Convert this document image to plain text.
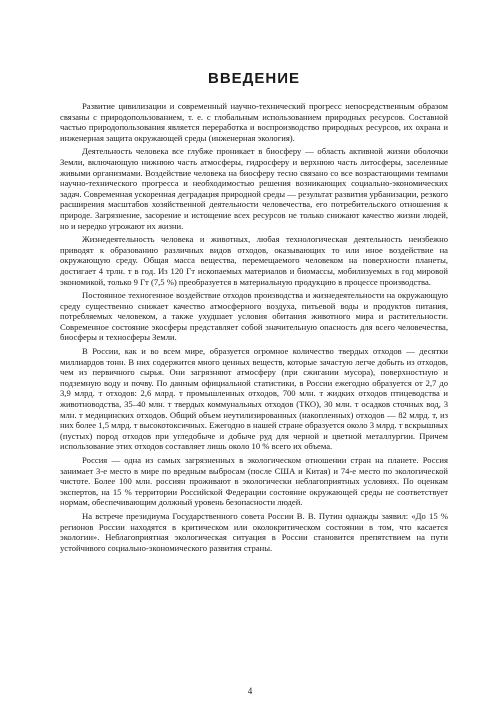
ВВЕДЕНИЕ

Развитие цивилизации и современный научно-технический прогресс непосредственным образом связаны с природопользованием, т. е. с глобальным использованием природных ресурсов. Составной частью природопользования является переработка и воспроизводство природных ресурсов, их охрана и инженерная защита окружающей среды (инженерная экология).

Деятельность человека все глубже проникает в биосферу — область активной жизни оболочки Земли, включающую нижнюю часть атмосферы, гидросферу и верхнюю часть литосферы, заселенные живыми организмами. Воздействие человека на биосферу тесно связано со все возрастающими темпами научно-технического прогресса и необходимостью решения возникающих социально-экономических задач. Современная ускоренная деградация природной среды — результат развития урбанизации, резкого расширения масштабов хозяйственной деятельности человечества, его потребительского отношения к природе. Загрязнение, засорение и истощение всех ресурсов не только снижают качество жизни людей, но и нередко угрожают их жизни.

Жизнедеятельность человека и животных, любая технологическая деятельность неизбежно приводят к образованию различных видов отходов, оказывающих то или иное воздействие на окружающую среду. Общая масса вещества, перемещаемого человеком на поверхности планеты, достигает 4 трлн. т в год. Из 120 Гт ископаемых материалов и биомассы, мобилизуемых в год мировой экономикой, только 9 Гт (7,5 %) преобразуется в материальную продукцию в процессе производства.

Постоянное техногенное воздействие отходов производства и жизнедеятельности на окружающую среду существенно снижает качество атмосферного воздуха, питьевой воды и продуктов питания, потребляемых человеком, а также ухудшает условия обитания животного мира и растительности. Современное состояние экосферы представляет собой значительную опасность для всего человечества, биосферы и техносферы Земли.

В России, как и во всем мире, образуется огромное количество твердых отходов — десятки миллиардов тонн. В них содержится много ценных веществ, которые зачастую легче добыть из отходов, чем из первичного сырья. Они загрязняют атмосферу (при сжигании мусора), поверхностную и подземную воду и почву. По данным официальной статистики, в России ежегодно образуется от 2,7 до 3,9 млрд. т отходов: 2,6 млрд. т промышленных отходов, 700 млн. т жидких отходов птицеводства и животноводства, 35–40 млн. т твердых коммунальных отходов (ТКО), 30 млн. т осадков сточных вод, 3 млн. т медицинских отходов. Общий объем неутилизированных (накопленных) отходов — 82 млрд. т, из них более 1,5 млрд. т высокотоксичных. Ежегодно в нашей стране образуется около 3 млрд. т вскрышных (пустых) пород отходов при угледобыче и добыче руд для черной и цветной металлургии. Причем использование этих отходов составляет лишь около 10 % всего их объема.

Россия — одна из самых загрязненных в экологическом отношении стран на планете. Россия занимает 3-е место в мире по вредным выбросам (после США и Китая) и 74-е место по экологической чистоте. Более 100 млн. россиян проживают в экологически неблагоприятных условиях. По оценкам экспертов, на 15 % территории Российской Федерации состояние окружающей среды не соответствует нормам, обеспечивающим должный уровень безопасности людей.

На встрече президиума Государственного совета России В. В. Путин однажды заявил: «До 15 % регионов России находятся в критическом или околокритическом состоянии в том, что касается экологии». Неблагоприятная экологическая ситуация в России становится препятствием на пути устойчивого социально-экономического развития страны.

4
